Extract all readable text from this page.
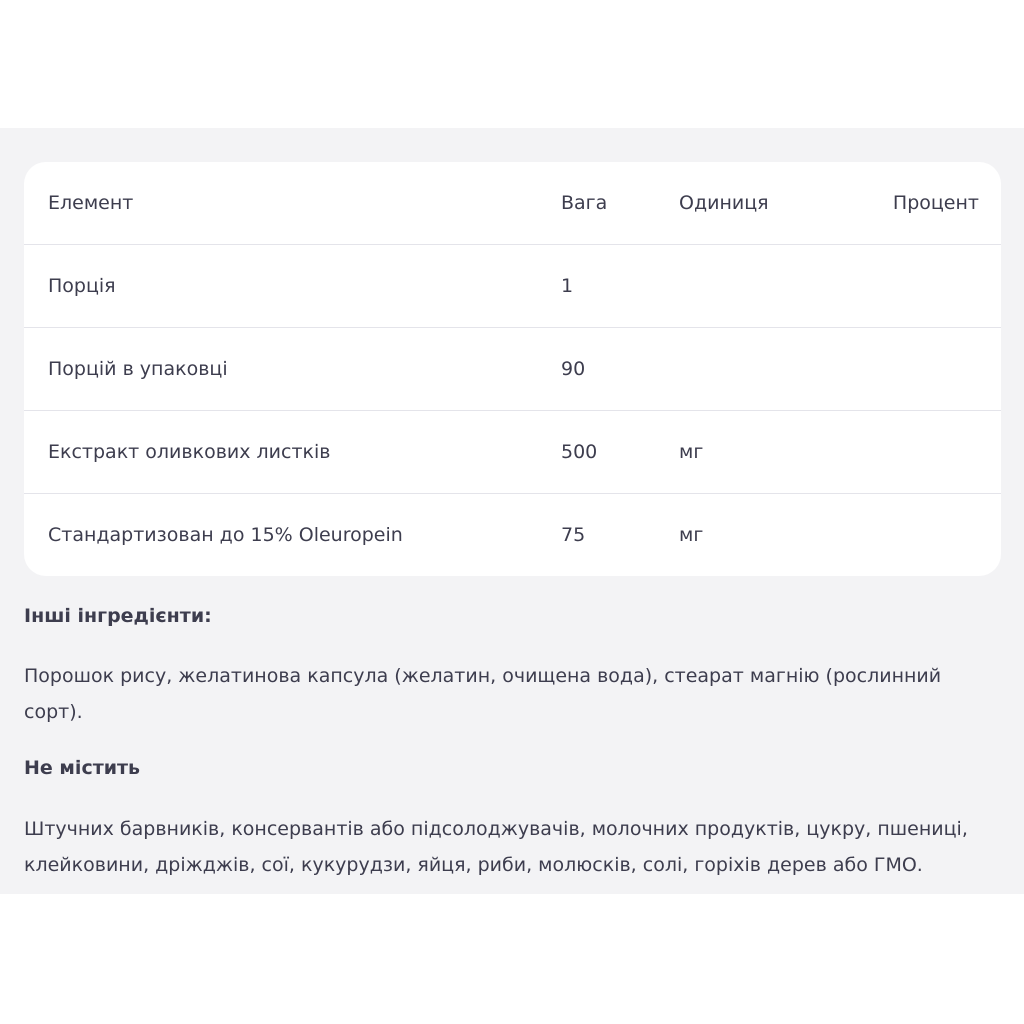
Елемент	Вага	Одиниця	Процент
Порція	1
Порцій в упаковці	90
Екстракт оливкових листків	500	мг
Стандартизован до 15% Oleuropein	75	мг
Інші інгредієнти:
Порошок рису, желатинова капсула (желатин, очищена вода), стеарат магнію (рослинний сорт).
Не містить
Штучних барвників, консервантів або підсолоджувачів, молочних продуктів, цукру, пшениці, клейковини, дріжджів, сої, кукурудзи, яйця, риби, молюсків, солі, горіхів дерев або ГМО.
